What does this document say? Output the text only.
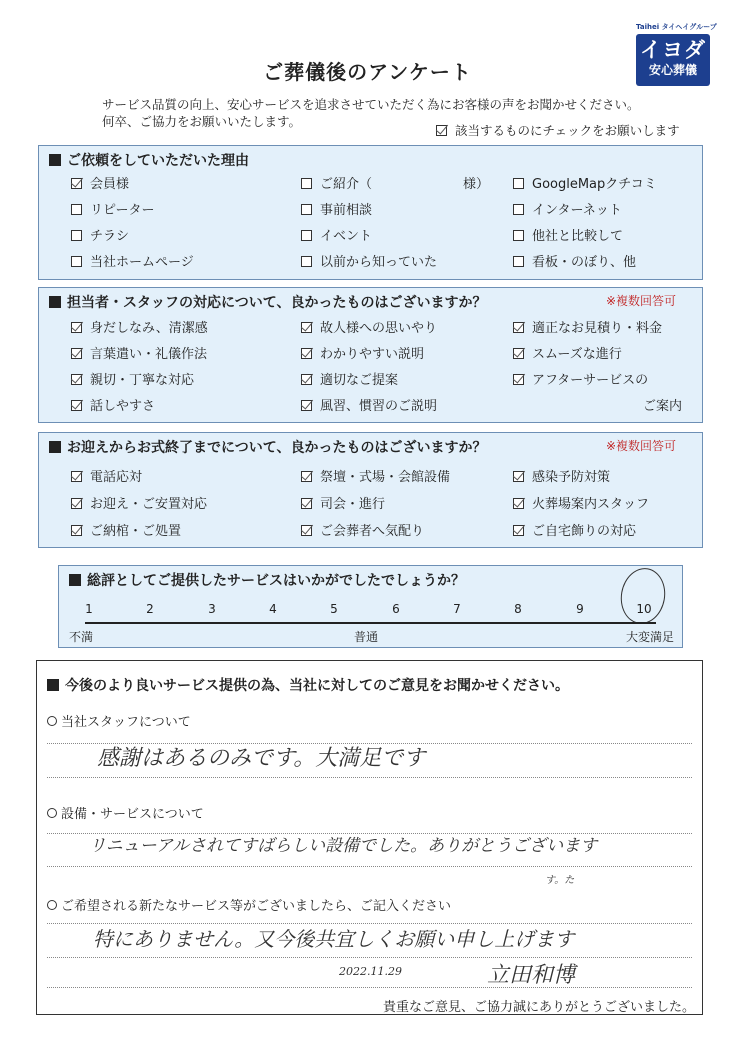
Taihei タイヘイグループ
イヨダ
安心葬儀
ご葬儀後のアンケート
サービス品質の向上、安心サービスを追求させていただく為にお客様の声をお聞かせください。
何卒、ご協力をお願いいたします。
該当するものにチェックをお願いします
ご依頼をしていただいた理由
会員様	ご紹介（　　　　　　　様）	GoogleMapクチコミ
リピーター	事前相談	インターネット
チラシ	イベント	他社と比較して
当社ホームページ	以前から知っていた	看板・のぼり、他
担当者・スタッフの対応について、良かったものはございますか？	※複数回答可
身だしなみ、清潔感	故人様への思いやり	適正なお見積り・料金
言葉遣い・礼儀作法	わかりやすい説明	スムーズな進行
親切・丁寧な対応	適切なご提案	アフターサービスの
話しやすさ	風習、慣習のご説明	ご案内
お迎えからお式終了までについて、良かったものはございますか？	※複数回答可
電話応対	祭壇・式場・会館設備	感染予防対策
お迎え・ご安置対応	司会・進行	火葬場案内スタッフ
ご納棺・ご処置	ご会葬者へ気配り	ご自宅飾りの対応
総評としてご提供したサービスはいかがでしたでしょうか？
1	2	3	4	5	6	7	8	9	10
不満	普通	大変満足
今後のより良いサービス提供の為、当社に対してのご意見をお聞かせください。
当社スタッフについて
感謝はあるのみです。大満足です
設備・サービスについて
リニューアルされてすばらしい設備でした。ありがとうございます
す。た
ご希望される新たなサービス等がございましたら、ご記入ください
特にありません。又今後共宜しくお願い申し上げます
2022.11.29	立田和博
貴重なご意見、ご協力誠にありがとうございました。
